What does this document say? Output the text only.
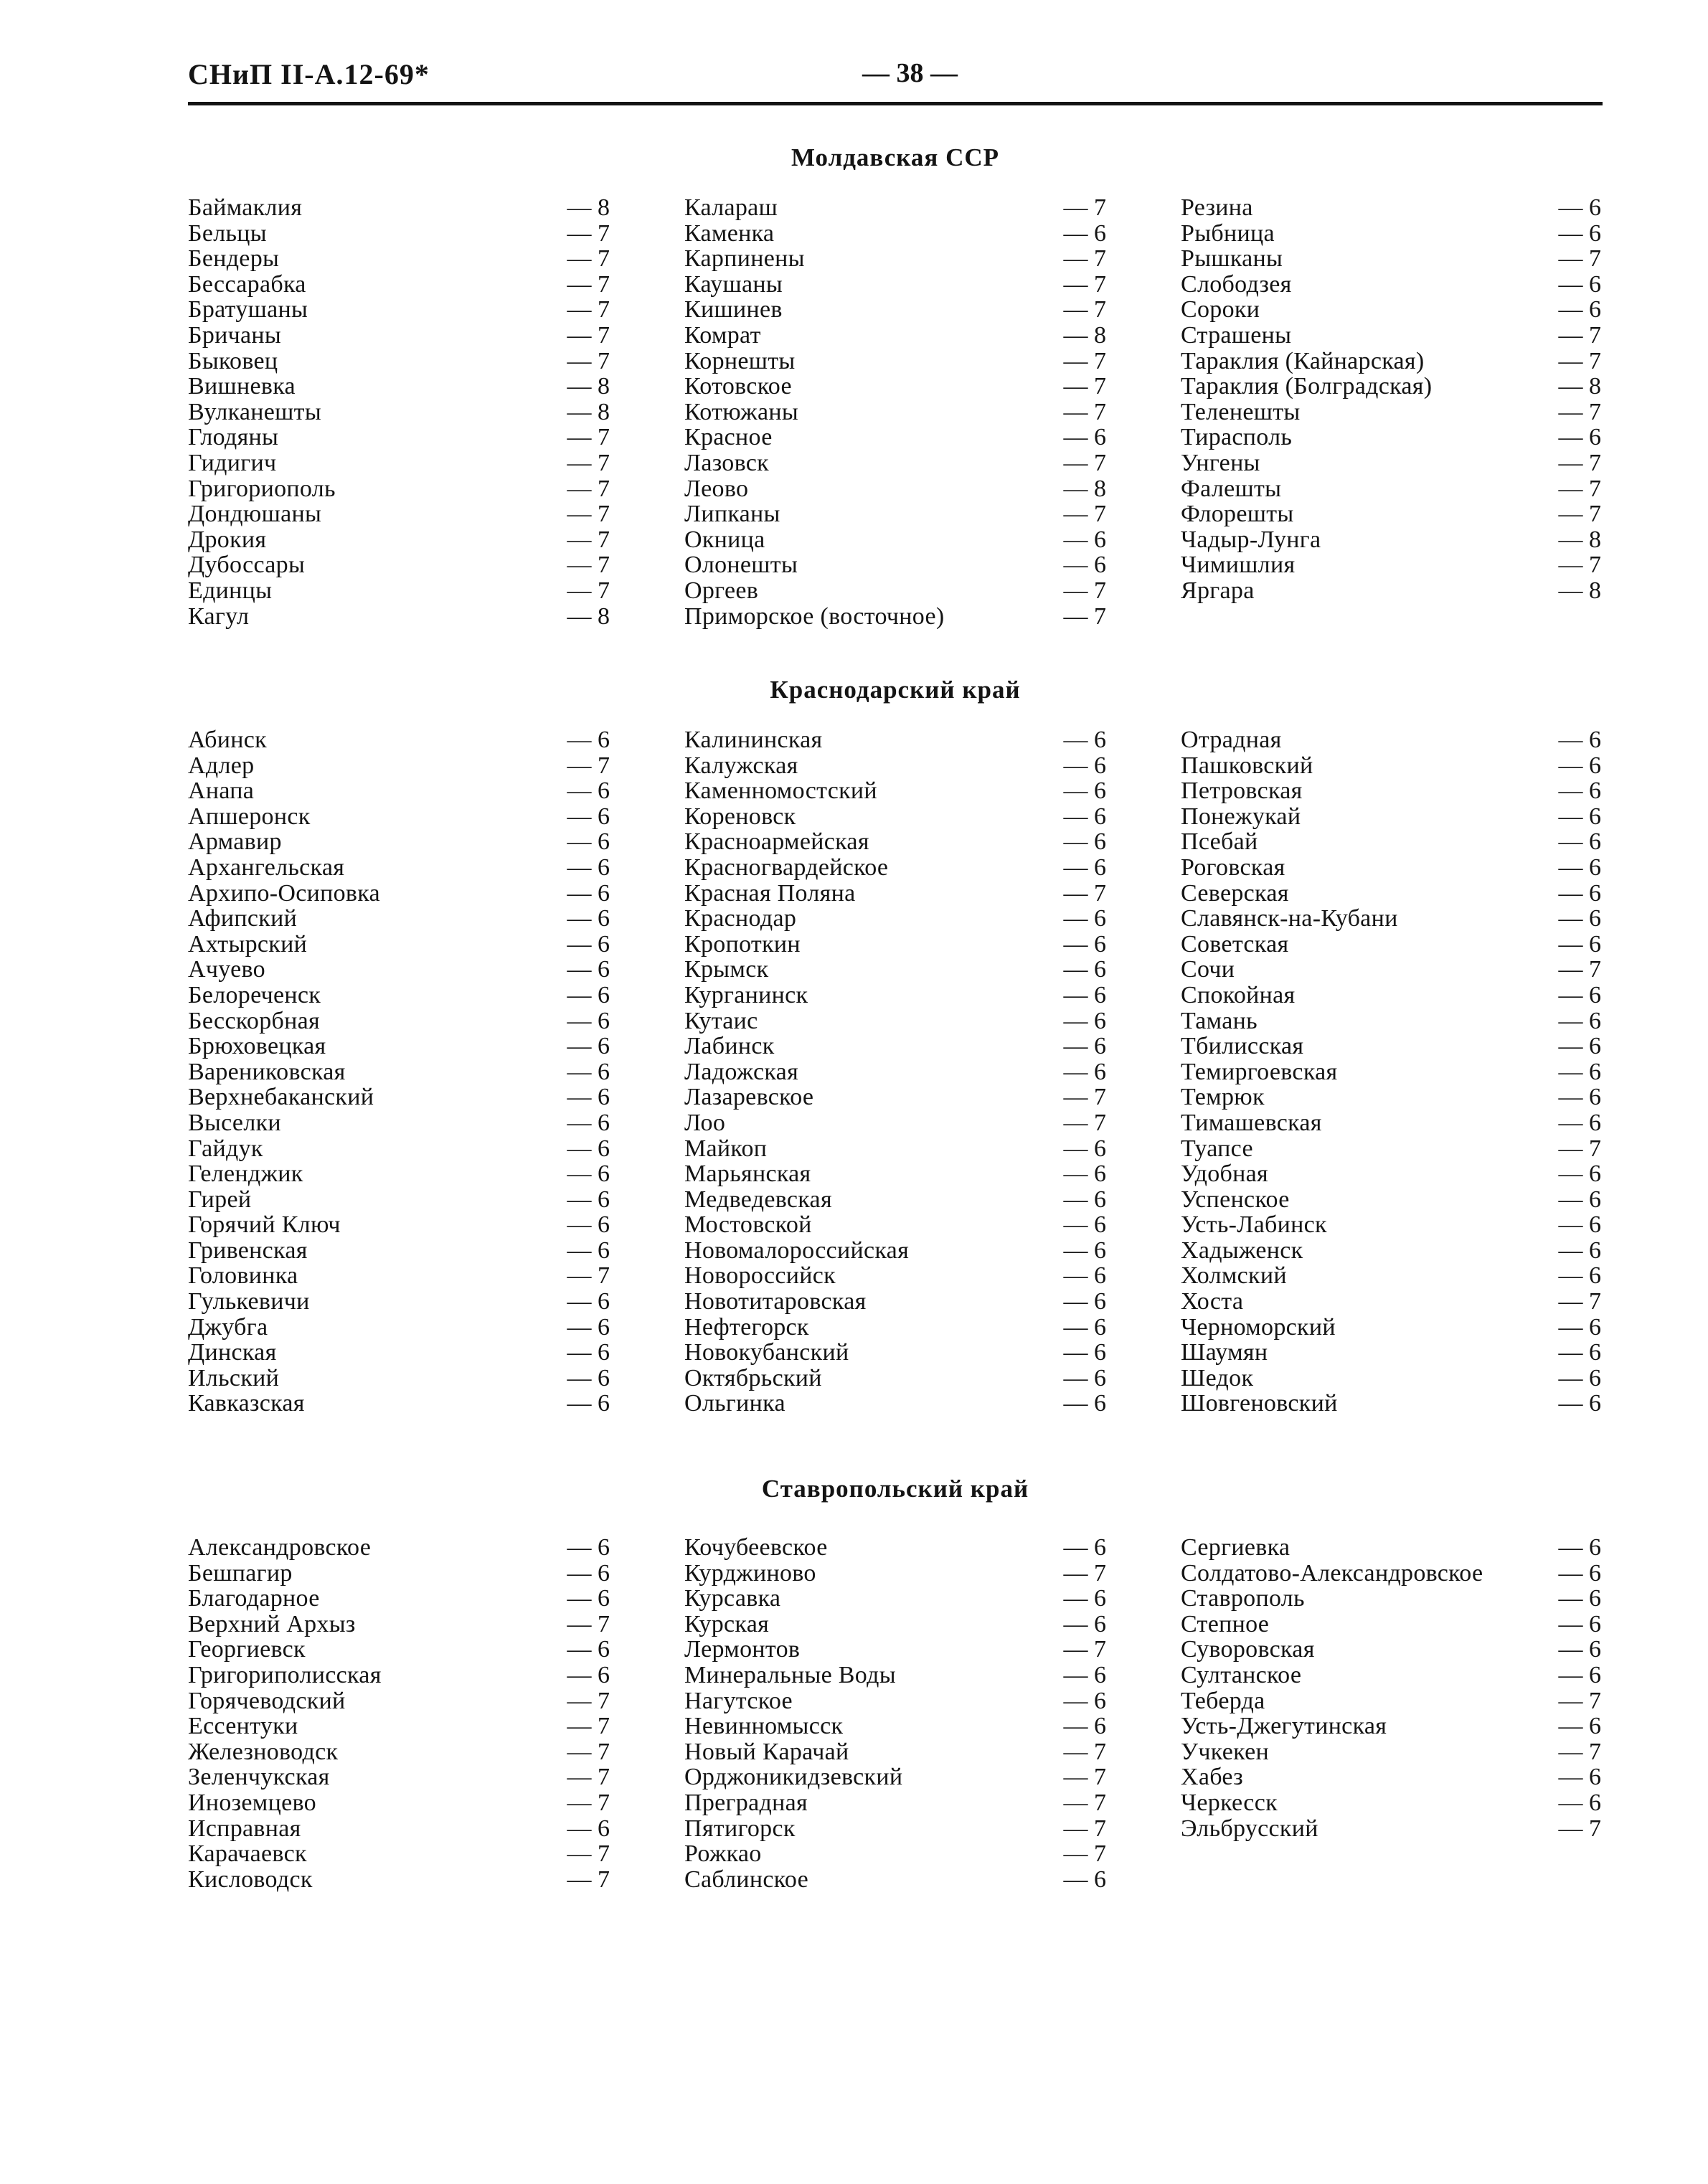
СНиП II-А.12-69*	— 38 —
Молдавская ССР
Баймаклия	— 8
Бельцы	— 7
Бендеры	— 7
Бессарабка	— 7
Братушаны	— 7
Бричаны	— 7
Быковец	— 7
Вишневка	— 8
Вулканешты	— 8
Глодяны	— 7
Гидигич	— 7
Григориополь	— 7
Дондюшаны	— 7
Дрокия	— 7
Дубоссары	— 7
Единцы	— 7
Кагул	— 8
Калараш	— 7
Каменка	— 6
Карпинены	— 7
Каушаны	— 7
Кишинев	— 7
Комрат	— 8
Корнешты	— 7
Котовское	— 7
Котюжаны	— 7
Красное	— 6
Лазовск	— 7
Леово	— 8
Липканы	— 7
Окница	— 6
Олонешты	— 6
Оргеев	— 7
Приморское (восточное)	— 7
Резина	— 6
Рыбница	— 6
Рышканы	— 7
Слободзея	— 6
Сороки	— 6
Страшены	— 7
Тараклия (Кайнарская)	— 7
Тараклия (Болградская)	— 8
Теленешты	— 7
Тирасполь	— 6
Унгены	— 7
Фалешты	— 7
Флорешты	— 7
Чадыр-Лунга	— 8
Чимишлия	— 7
Яргара	— 8
Краснодарский край
Абинск	— 6
Адлер	— 7
Анапа	— 6
Апшеронск	— 6
Армавир	— 6
Архангельская	— 6
Архипо-Осиповка	— 6
Афипский	— 6
Ахтырский	— 6
Ачуево	— 6
Белореченск	— 6
Бесскорбная	— 6
Брюховецкая	— 6
Варениковская	— 6
Верхнебаканский	— 6
Выселки	— 6
Гайдук	— 6
Геленджик	— 6
Гирей	— 6
Горячий Ключ	— 6
Гривенская	— 6
Головинка	— 7
Гулькевичи	— 6
Джубга	— 6
Динская	— 6
Ильский	— 6
Кавказская	— 6
Калининская	— 6
Калужская	— 6
Каменномостский	— 6
Кореновск	— 6
Красноармейская	— 6
Красногвардейское	— 6
Красная Поляна	— 7
Краснодар	— 6
Кропоткин	— 6
Крымск	— 6
Курганинск	— 6
Кутаис	— 6
Лабинск	— 6
Ладожская	— 6
Лазаревское	— 7
Лоо	— 7
Майкоп	— 6
Марьянская	— 6
Медведевская	— 6
Мостовской	— 6
Новомалороссийская	— 6
Новороссийск	— 6
Новотитаровская	— 6
Нефтегорск	— 6
Новокубанский	— 6
Октябрьский	— 6
Ольгинка	— 6
Отрадная	— 6
Пашковский	— 6
Петровская	— 6
Понежукай	— 6
Псебай	— 6
Роговская	— 6
Северская	— 6
Славянск-на-Кубани	— 6
Советская	— 6
Сочи	— 7
Спокойная	— 6
Тамань	— 6
Тбилисская	— 6
Темиргоевская	— 6
Темрюк	— 6
Тимашевская	— 6
Туапсе	— 7
Удобная	— 6
Успенское	— 6
Усть-Лабинск	— 6
Хадыженск	— 6
Холмский	— 6
Хоста	— 7
Черноморский	— 6
Шаумян	— 6
Шедок	— 6
Шовгеновский	— 6
Ставропольский край
Александровское	— 6
Бешпагир	— 6
Благодарное	— 6
Верхний Архыз	— 7
Георгиевск	— 6
Григориполисская	— 6
Горячеводский	— 7
Ессентуки	— 7
Железноводск	— 7
Зеленчукская	— 7
Иноземцево	— 7
Исправная	— 6
Карачаевск	— 7
Кисловодск	— 7
Кочубеевское	— 6
Курджиново	— 7
Курсавка	— 6
Курская	— 6
Лермонтов	— 7
Минеральные Воды	— 6
Нагутское	— 6
Невинномысск	— 6
Новый Карачай	— 7
Орджоникидзевский	— 7
Преградная	— 7
Пятигорск	— 7
Рожкао	— 7
Саблинское	— 6
Сергиевка	— 6
Солдатово-Александровское	— 6
Ставрополь	— 6
Степное	— 6
Суворовская	— 6
Султанское	— 6
Теберда	— 7
Усть-Джегутинская	— 6
Учкекен	— 7
Хабез	— 6
Черкесск	— 6
Эльбрусский	— 7
